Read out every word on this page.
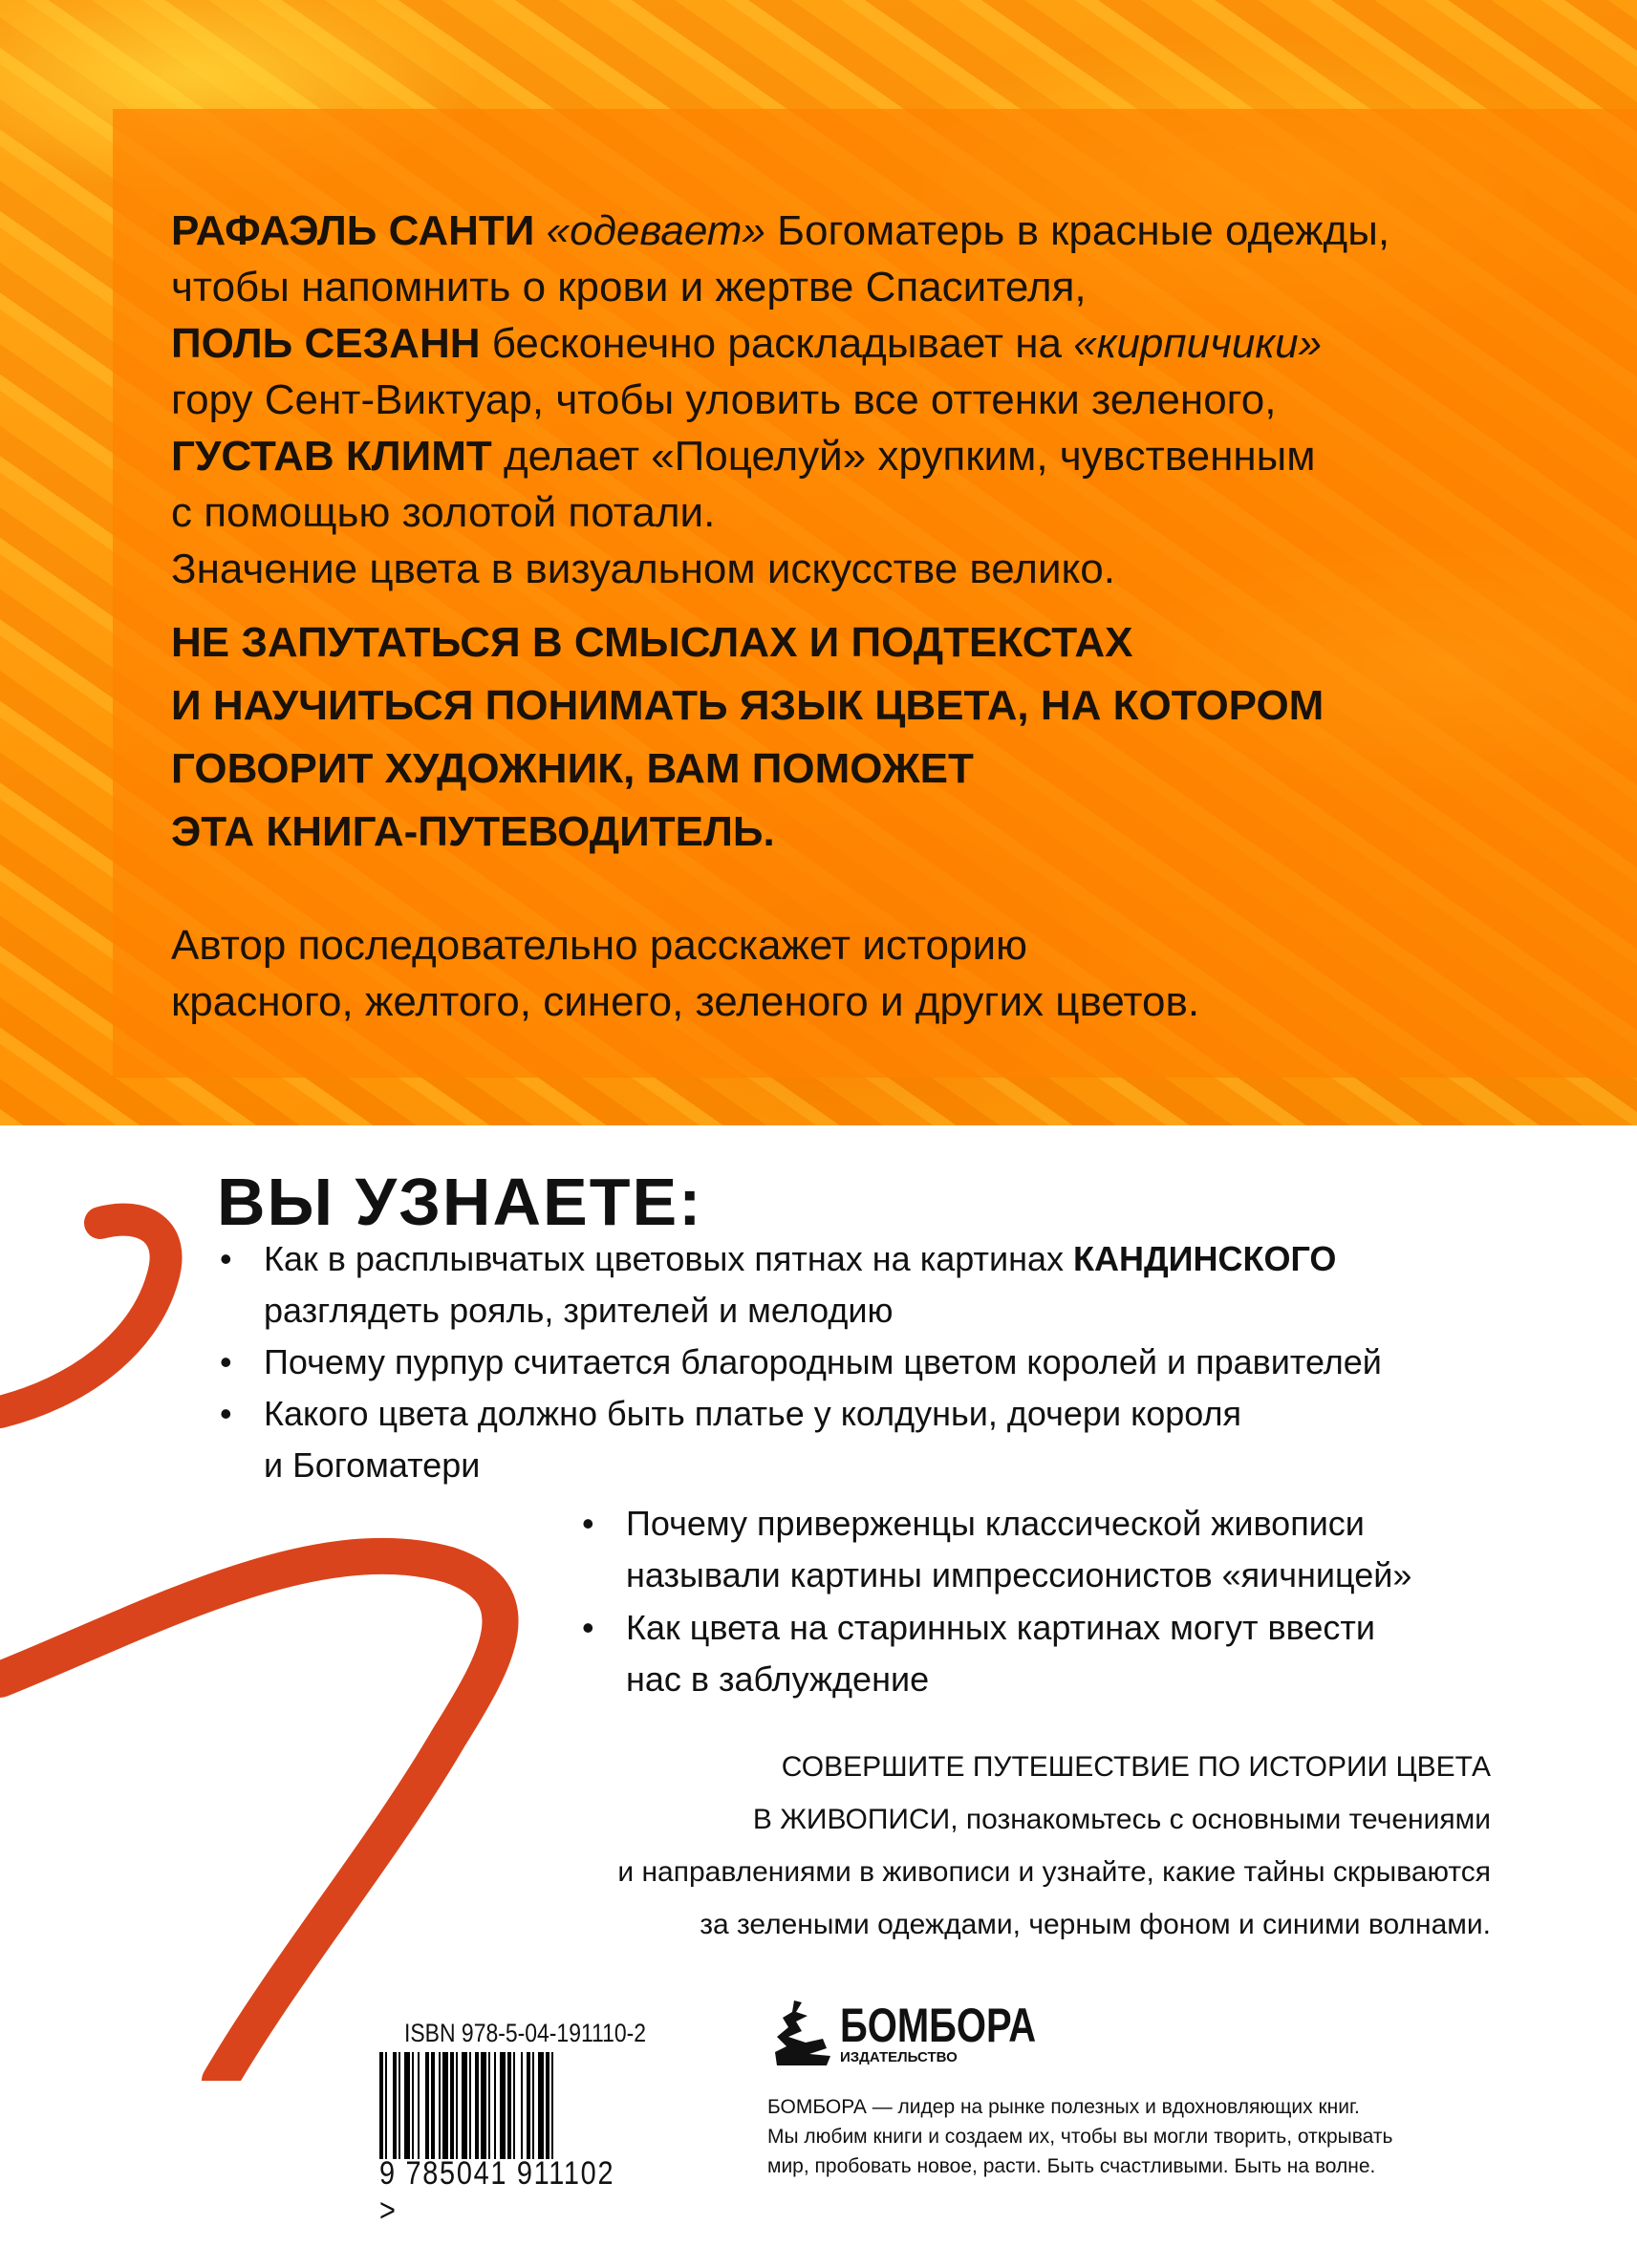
РАФАЭЛЬ САНТИ «одевает» Богоматерь в красные одежды,
чтобы напомнить о крови и жертве Спасителя,
ПОЛЬ СЕЗАНН бесконечно раскладывает на «кирпичики»
гору Сент-Виктуар, чтобы уловить все оттенки зеленого,
ГУСТАВ КЛИМТ делает «Поцелуй» хрупким, чувственным
с помощью золотой потали.
Значение цвета в визуальном искусстве велико.
НЕ ЗАПУТАТЬСЯ В СМЫСЛАХ И ПОДТЕКСТАХ
И НАУЧИТЬСЯ ПОНИМАТЬ ЯЗЫК ЦВЕТА, НА КОТОРОМ
ГОВОРИТ ХУДОЖНИК, ВАМ ПОМОЖЕТ
ЭТА КНИГА-ПУТЕВОДИТЕЛЬ.
Автор последовательно расскажет историю
красного, желтого, синего, зеленого и других цветов.
ВЫ УЗНАЕТЕ:
• Как в расплывчатых цветовых пятнах на картинах КАНДИНСКОГО
разглядеть рояль, зрителей и мелодию
• Почему пурпур считается благородным цветом королей и правителей
• Какого цвета должно быть платье у колдуньи, дочери короля
и Богоматери
• Почему приверженцы классической живописи
называли картины импрессионистов «яичницей»
• Как цвета на старинных картинах могут ввести
нас в заблуждение
СОВЕРШИТЕ ПУТЕШЕСТВИЕ ПО ИСТОРИИ ЦВЕТА
В ЖИВОПИСИ, познакомьтесь с основными течениями
и направлениями в живописи и узнайте, какие тайны скрываются
за зелеными одеждами, черным фоном и синими волнами.
ISBN 978-5-04-191110-2
9 785041 911102 >
БОМБОРА
ИЗДАТЕЛЬСТВО
БОМБОРА — лидер на рынке полезных и вдохновляющих книг.
Мы любим книги и создаем их, чтобы вы могли творить, открывать
мир, пробовать новое, расти. Быть счастливыми. Быть на волне.
